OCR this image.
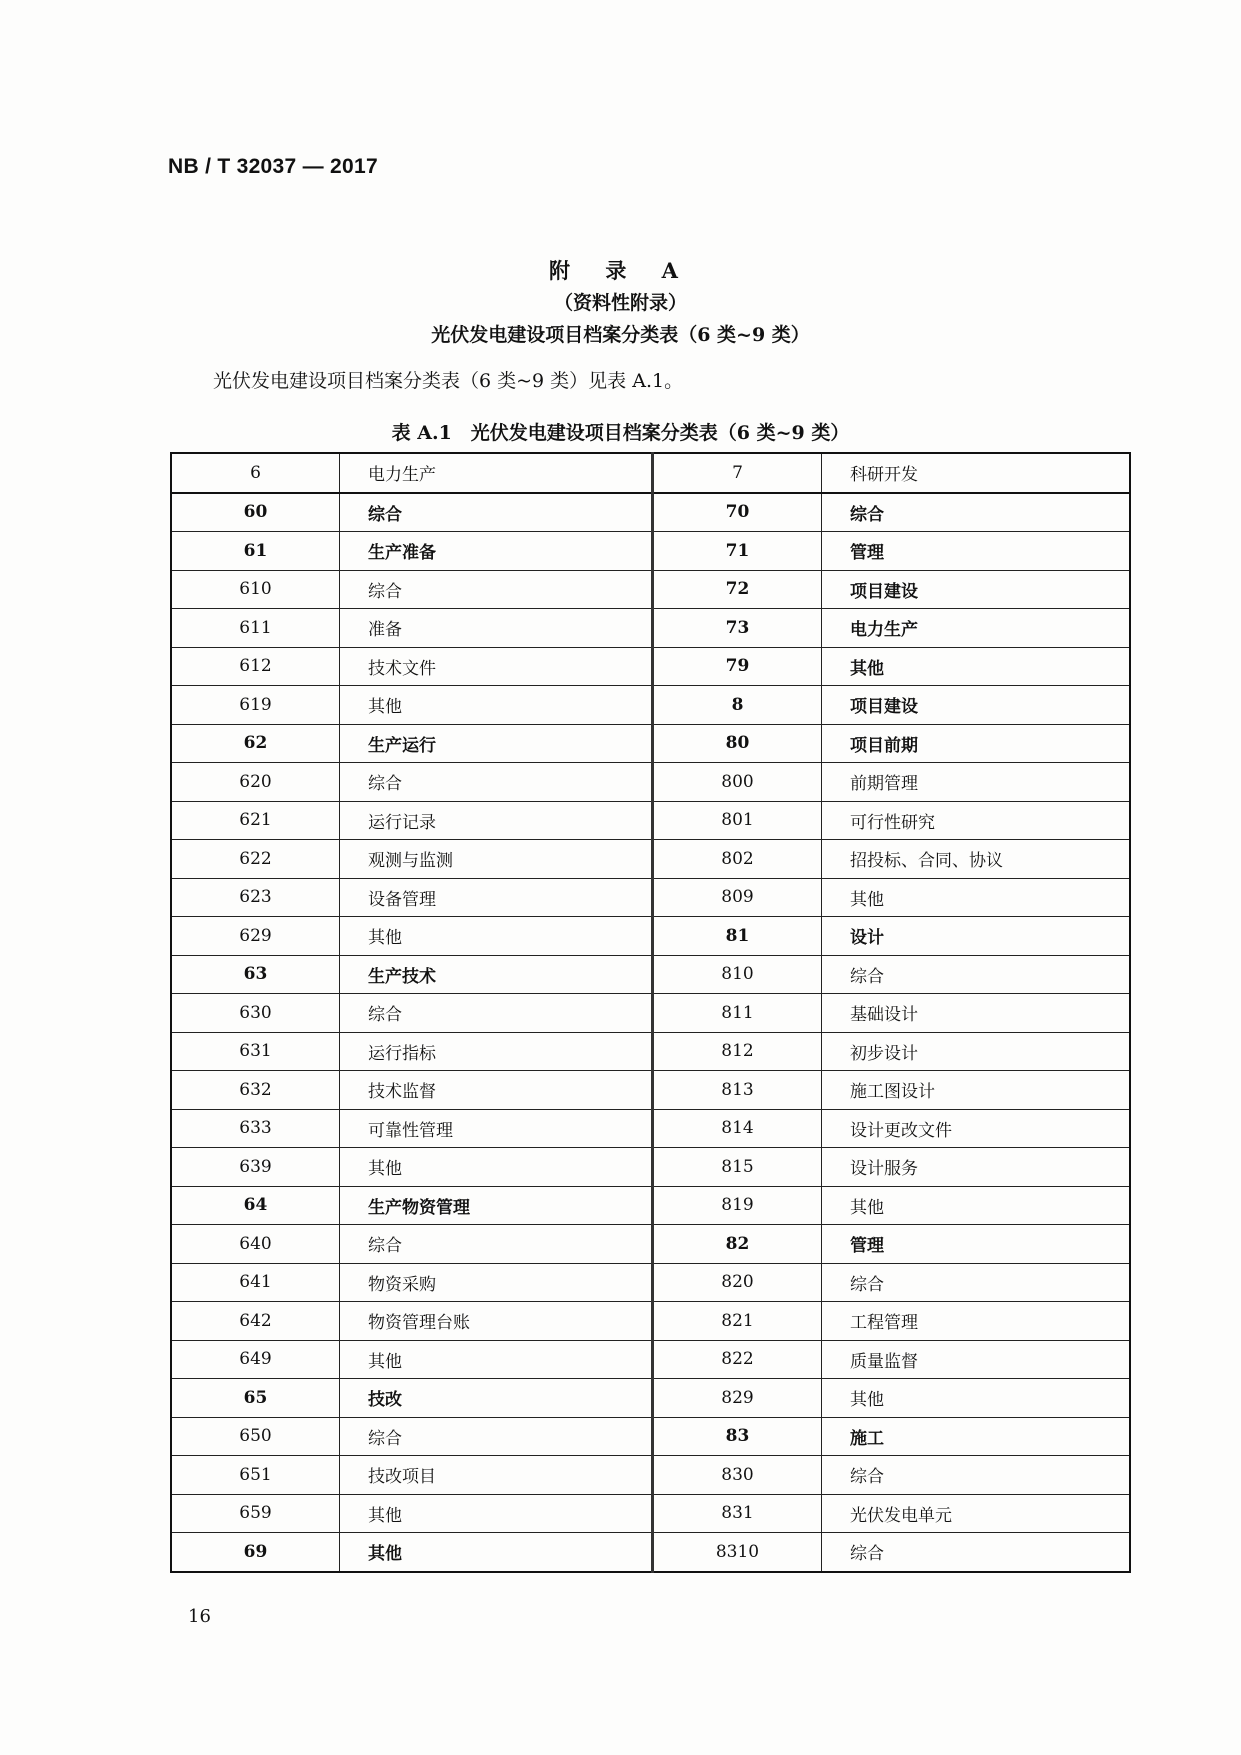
NB / T 32037 — 2017
附 录 A
（资料性附录）
光伏发电建设项目档案分类表（6 类~9 类）
光伏发电建设项目档案分类表（6 类~9 类）见表 A.1。
表 A.1　光伏发电建设项目档案分类表（6 类~9 类）
6	电力生产	7	科研开发
60	综合	70	综合
61	生产准备	71	管理
610	综合	72	项目建设
611	准备	73	电力生产
612	技术文件	79	其他
619	其他	8	项目建设
62	生产运行	80	项目前期
620	综合	800	前期管理
621	运行记录	801	可行性研究
622	观测与监测	802	招投标、合同、协议
623	设备管理	809	其他
629	其他	81	设计
63	生产技术	810	综合
630	综合	811	基础设计
631	运行指标	812	初步设计
632	技术监督	813	施工图设计
633	可靠性管理	814	设计更改文件
639	其他	815	设计服务
64	生产物资管理	819	其他
640	综合	82	管理
641	物资采购	820	综合
642	物资管理台账	821	工程管理
649	其他	822	质量监督
65	技改	829	其他
650	综合	83	施工
651	技改项目	830	综合
659	其他	831	光伏发电单元
69	其他	8310	综合
16
